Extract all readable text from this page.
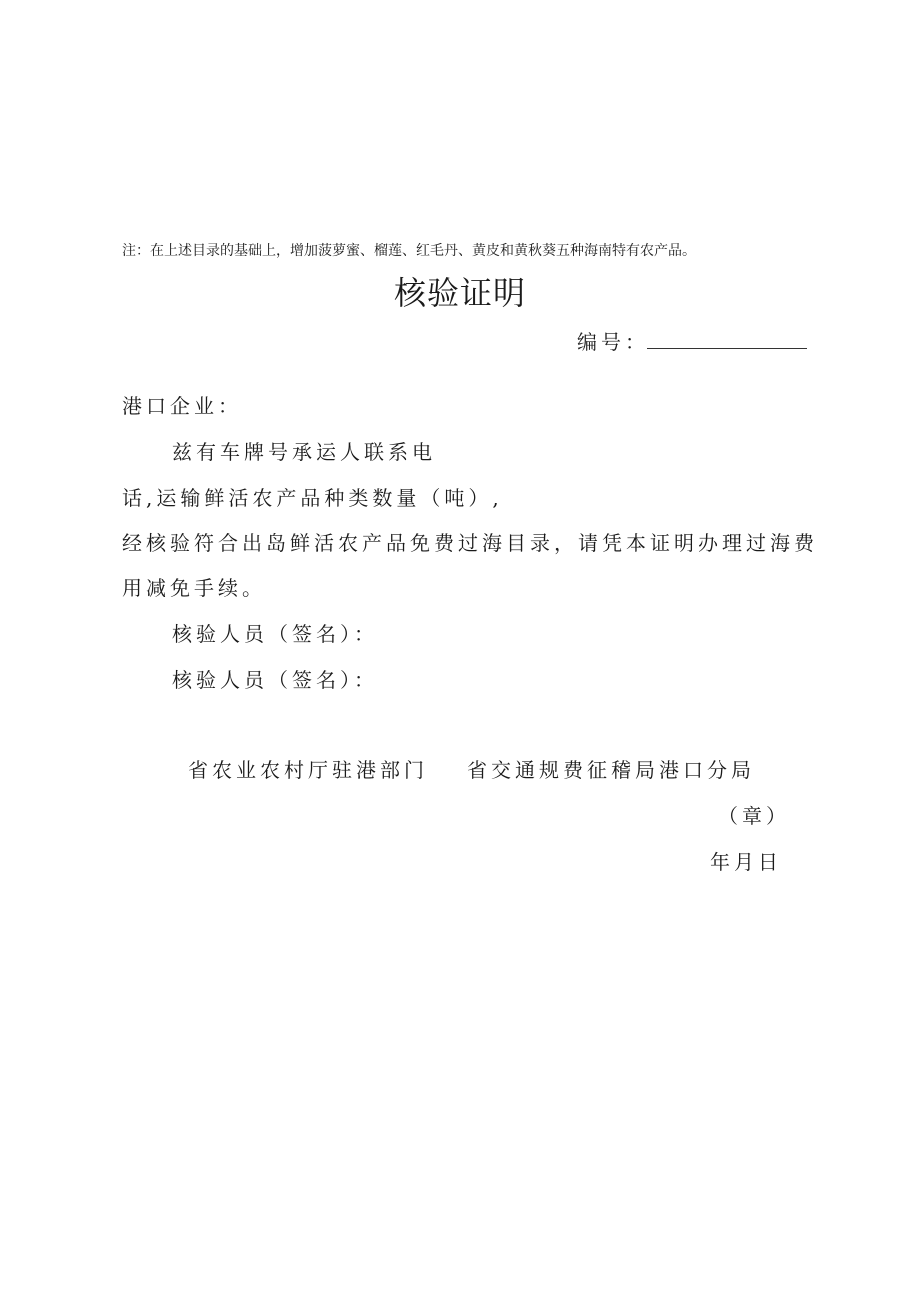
注：在上述目录的基础上，增加菠萝蜜、榴莲、红毛丹、黄皮和黄秋葵五种海南特有农产品。
核验证明
编号：
港口企业：
兹有车牌号承运人联系电
话,运输鲜活农产品种类数量（吨）,
经核验符合出岛鲜活农产品免费过海目录，请凭本证明办理过海费
用减免手续。
核验人员（签名）：
核验人员（签名）：
省农业农村厅驻港部门 省交通规费征稽局港口分局
（章）
年月日
